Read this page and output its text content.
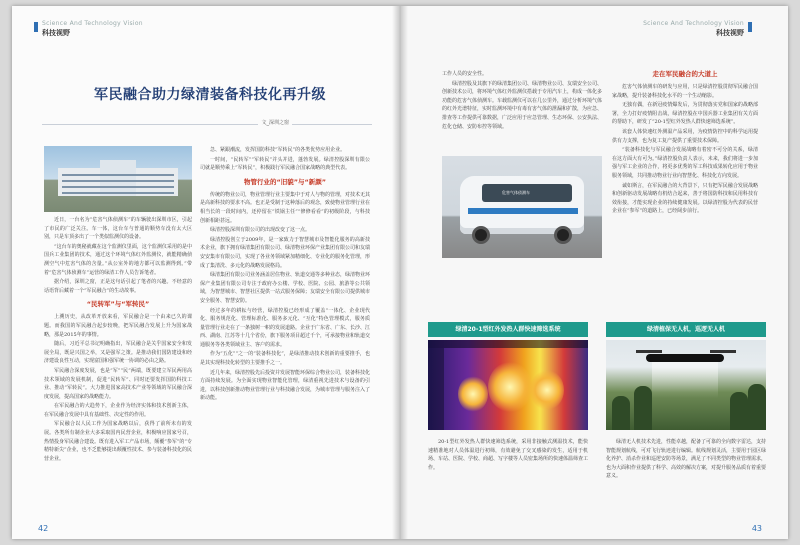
Science And Technology Vision
科技视野
军民融合助力绿清装备科技化再升级
文_深圳之窗

近日，一台名为“危害气体侦测车”的车辆驶出深圳市区，引起了市民的广泛关注。车一体，这台车与普通的顺势车没有太大区别，只是车顶多出了一个类似监测仪的设备。

“这台车的奥秘就藏在这个监测仪里面，这个监测仪采用的是中国兵工业集团的技术，通过这个环境气体红外监测仪，就能精确侦测空气中危害气体的含量。”从公室外的地方都可以监测得到。”带着“危害气体侦测车”运营的绿清工作人员告诉笔者。

据介绍，深圳之窗，正是这句话引起了笔者的兴趣。不经意的话语背后藏着一个“军民融合”的生动故事。

“民转军”与“军转民”

上溯历史，从改革开放来看，军民融合是一个由来已久的课题。而我国的军民融合起步较晚，把军民融合发展上升为国家战略，那是2015年的事情。

随后，习近平总书记明确指出，军民融合是关乎国家安全和发展全局，既是兴国之举，又是强军之策。是推动我们国防建设和经济建设良性互动，实现富国和强军统一协调的必由之路。

军民融合深度发展，也是“军”“民”两端，既要建立军民两用高技术领域的发展机制，促进“民转军”、同时还要发挥国防科技工业、推动“军转民”。大力推进国家高技术产业等领域的军民融合深度发展，提高国家的战略能力。

在军民融合的大趋势下，企业作为经济实体和技术创新主体，在军民融合发展中具有基础性、决定性的作用。

军民融合以人民工作为国家战略以后，获得了前所未有的发展。各类所有制企业大多采取国内民营企业，积极响应国家号召，热情投身军民融合建设。既有进入军工产品市场，颠覆“参军”的“专精特新尖”企业，也不乏能够提出颠覆性技术、参与装备科技化的民营企业。

急、紧跟潮流，发挥国防科技“军转民”的各类优势应用企业。

一时间，“民转军”“军转民”并头并进，蓬勃发展。绿清控股深圳有限公司就是顺势乘上“军转民”，积极践行军民融合国家战略的典型代表。

物管行业的“旧貌”与“新颜”

传统的物业公司，物业管理行业主要集中于对人与物的管理，对技术无其是高新科技的要求不高。也正是受制于这种落后的观念，致使物业管理行业在相当长的一段时间内，还停留在“铁锅主任”“修修看看”的初级阶段，与科技创新相距甚远。

绿清控股深圳有限公司的出现改变了这一点。

绿清控股创立于2009年，是一家致力于智慧城市及智能化服务的高新技术企业，旗下拥有绿清集团有限公司、绿清物业环保产业集团有限公司和友瑞安安集市有限公司，实现了各业务领域紧加精细化、专业化的服务化管理，形成了集清洗、多元化的战略发展格局。

绿清集团有限公司业务涵盖居住物业、轨道交通等多种业态，绿清物业环保产业集团有限公司专注于政府办公楼、学校、医院、公园、旅游等公共领域，为智慧城市、智慧社区提供一站式服务保障；友瑞安全有限公司提供城市安全服务、智慧安防。

经过多年的耕耘与经营，绿清控股已经形成了覆盖“一体化、企业现代化、服务规范化、管理标准化、服务多元化、“互化”特色管理模式，服务质量管理行业走在了一条独树一帜的发展道路。企业于广东省、广东、长沙、江西、湖南、江苏等十几个省份，旗下服务项目超过千个，可承接物业和轨道交通服务等各类领域业主、客户的需求。

作为“五化”“之一的“装备科技化”，是绿清推动技术创新的重要推手，也是其实现科技化转型的主要推手之一。

近几年来，绿清控股先后投资并发展智能环保综合物业公司，装备科技化方面持续发展。为全面实现物业智能化管理，绿清重视先进技术与设备的引进，以科技创新推动物业管理行业与科技融合发展，为城市管理与服务注入了新动能。

42
Science And Technology Vision
科技视野

工作人员的安全性。

绿清控股及其旗下的绿清集团公司、绿清物业公司、友瑞安全公司、创新技术公司，将环境气体红外监测仪搭载于专用汽车上，构成一体化多功能的危害气体侦测车。车载监测仪可以在几公里外，通过分析环境气体的红外光谱特征，实时监测环境中有毒有害气体的泄漏和扩散，为应急、排查等工作提供可靠数据，广泛应用于应急管理、生态环保、公安执法、危化仓储、安防布控等领域。

危害气体侦测车
走在军民融合的大道上

危害气体侦测车的研发与应用，只是绿清控股贯彻军民融合国家战略，提升装备科技化水平的一个生动缩影。

无独有偶，在新冠疫情爆发后，为贯彻落实党和国家的战略部署，全力打好疫情阻击战，绿清控股在中国兵器工业集团有关方面的帮助下，研发了“20-1型红外发热人群快速筛选系统”。

该套人体快速红外测温产品采用，为疫情防控中的科学运用提供有力支撑，也为复工复产提供了重要技术保障。

“装备科技化与军民融合发展战略有着密不可分的关系，绿清在这方面大有可为。”绿清控股负责人表示，未来，我们将进一步加强与军工企业的合作，将更多优秀的军工科技成果转化应用于物业服务领域，共同推动物业行业向智慧化、科技化方向发展。

诚如斯言，在军民融合的大背景下，只有把军民融合发展战略和创新驱动发展战略有机结合起来，善于将国防科技和民用科技有效衔接，才能实现企业的持续健康发展。以绿清控股为代表的民营企业在“参军”的道路上，已经阔步前行。

绿清20-1型红外发热人群快速筛选系统	绿清植保无人机，巡逻无人机

20-1型红外发热人群快速筛选系统，采用非接触式测温技术，能快速精准地对人员体温进行初筛，有效避免了交叉感染的发生，适用于机场、车站、医院、学校、商超、写字楼等人员密集场所的快速体温筛查工作。

绿清无人机技术先进，性能卓越，配备了可靠的全向数字雷达，支持智能规划航线，可对飞行轨迹进行编辑。航线规划灵活，主要用于园区绿化养护、消杀作业和巡逻安防等场景，满足了不同类型的物业管理需求，也为大面积作业提供了科学、高效的解决方案，对提升服务品质有着重要意义。

43
